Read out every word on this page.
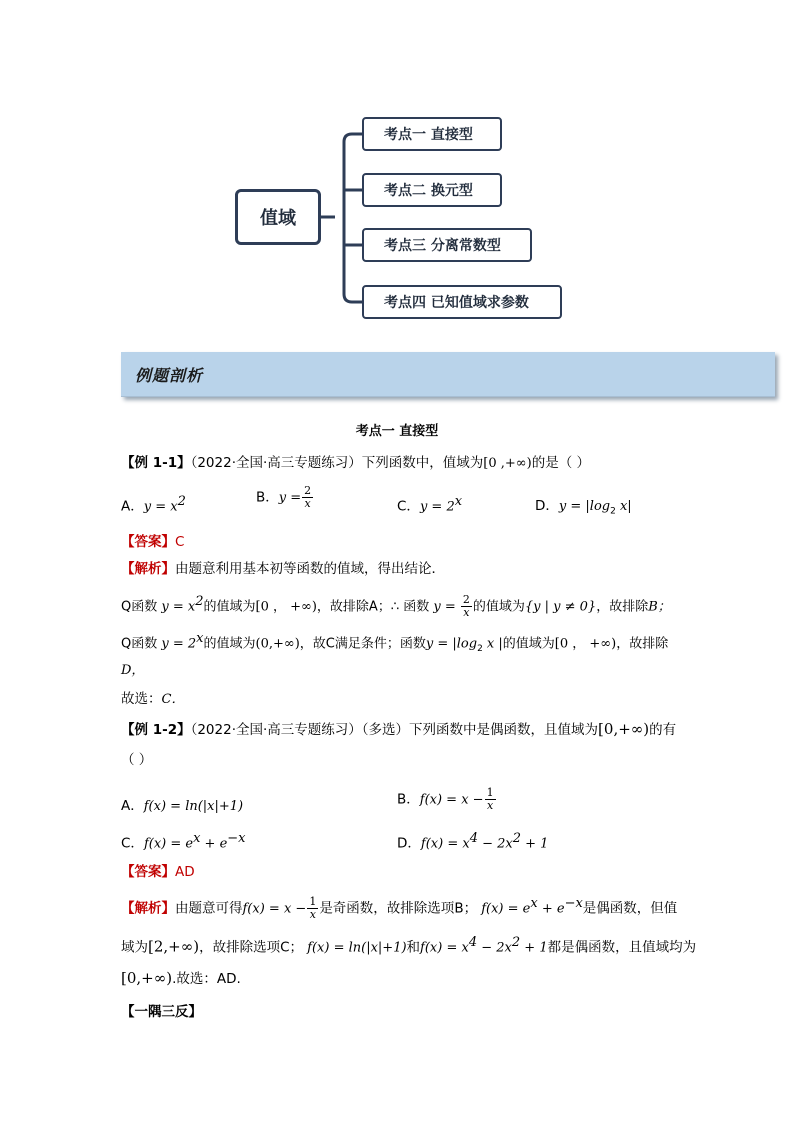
值域
考点一 直接型
考点二 换元型
考点三 分离常数型
考点四 已知值域求参数
例题剖析
考点一 直接型
【例 1-1】（2022·全国·高三专题练习）下列函数中，值域为[0 ,+∞)的是（ ）
A．$y = x^2$	B．$y = \frac{2}{x}$	C．$y = 2^x$	D．$y = |\log_2$ x|
【答案】C
【解析】由题意利用基本初等函数的值域，得出结论．
Q函数 $y = x^2$的值域为[0 ， +∞)，故排除A；∴ 函数 $y = \frac{2}{x}$ 的值域为{y | y ≠ 0}，故排除B；
Q函数 $y = 2^x$的值域为(0,+∞)，故C满足条件；函数$y = |\log_2$ x |的值域为[0 ， +∞)，故排除
D，
故选：C．
【例 1-2】（2022·全国·高三专题练习）（多选）下列函数中是偶函数，且值域为[0,+∞)的有
（ ）
A．f(x) = ln(|x|+1)	B．$f(x) = x - \frac{1}{x}$
C．$f(x) = e^x + e^{-x}$	D．$f(x) = x^4 - 2x^2 + 1$
【答案】AD
【解析】由题意可得$f(x) = x - \frac{1}{x}$ 是奇函数，故排除选项B； $f(x) = e^x + e^{-x}$是偶函数，但值
域为[2,+∞)，故排除选项C； f(x) = ln(|x|+1)和$f(x) = x^4 - 2x^2 + 1$都是偶函数，且值域均为
[0,+∞).故选：AD.
【一隅三反】
